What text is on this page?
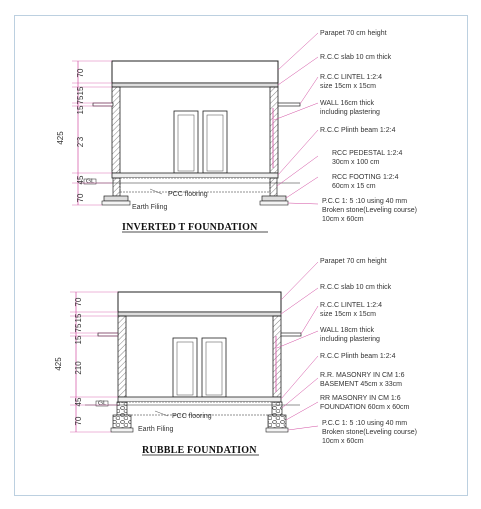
GL
425
70
15
75
15
2'3
45
70	PCC flooring
Earth Filing
Parapet 70 cm height
R.C.C slab 10 cm thick
R.C.C LINTEL 1:2:4
size 15cm x 15cm
WALL 16cm thick
including plastering
R.C.C Plinth beam 1:2:4
RCC PEDESTAL 1:2:4
30cm x 100 cm
RCC FOOTING 1:2:4
60cm x 15 cm
P.C.C 1: 5 :10 using 40 mm
Broken stone(Leveling course)
10cm x 60cm
INVERTED T FOUNDATION
GL
425
70
15
75
15
210
45
70
PCC flooring
Earth Filing
Parapet 70 cm height
R.C.C slab 10 cm thick
R.C.C LINTEL 1:2:4
size 15cm x 15cm
WALL 18cm thick
including plastering
R.C.C Plinth beam 1:2:4
R.R. MASONRY IN CM 1:6
BASEMENT 45cm x 33cm
RR MASONRY IN CM 1:6
FOUNDATION 60cm x 60cm
P.C.C 1: 5 :10 using 40 mm
Broken stone(Leveling course)
10cm x 60cm
RUBBLE FOUNDATION
